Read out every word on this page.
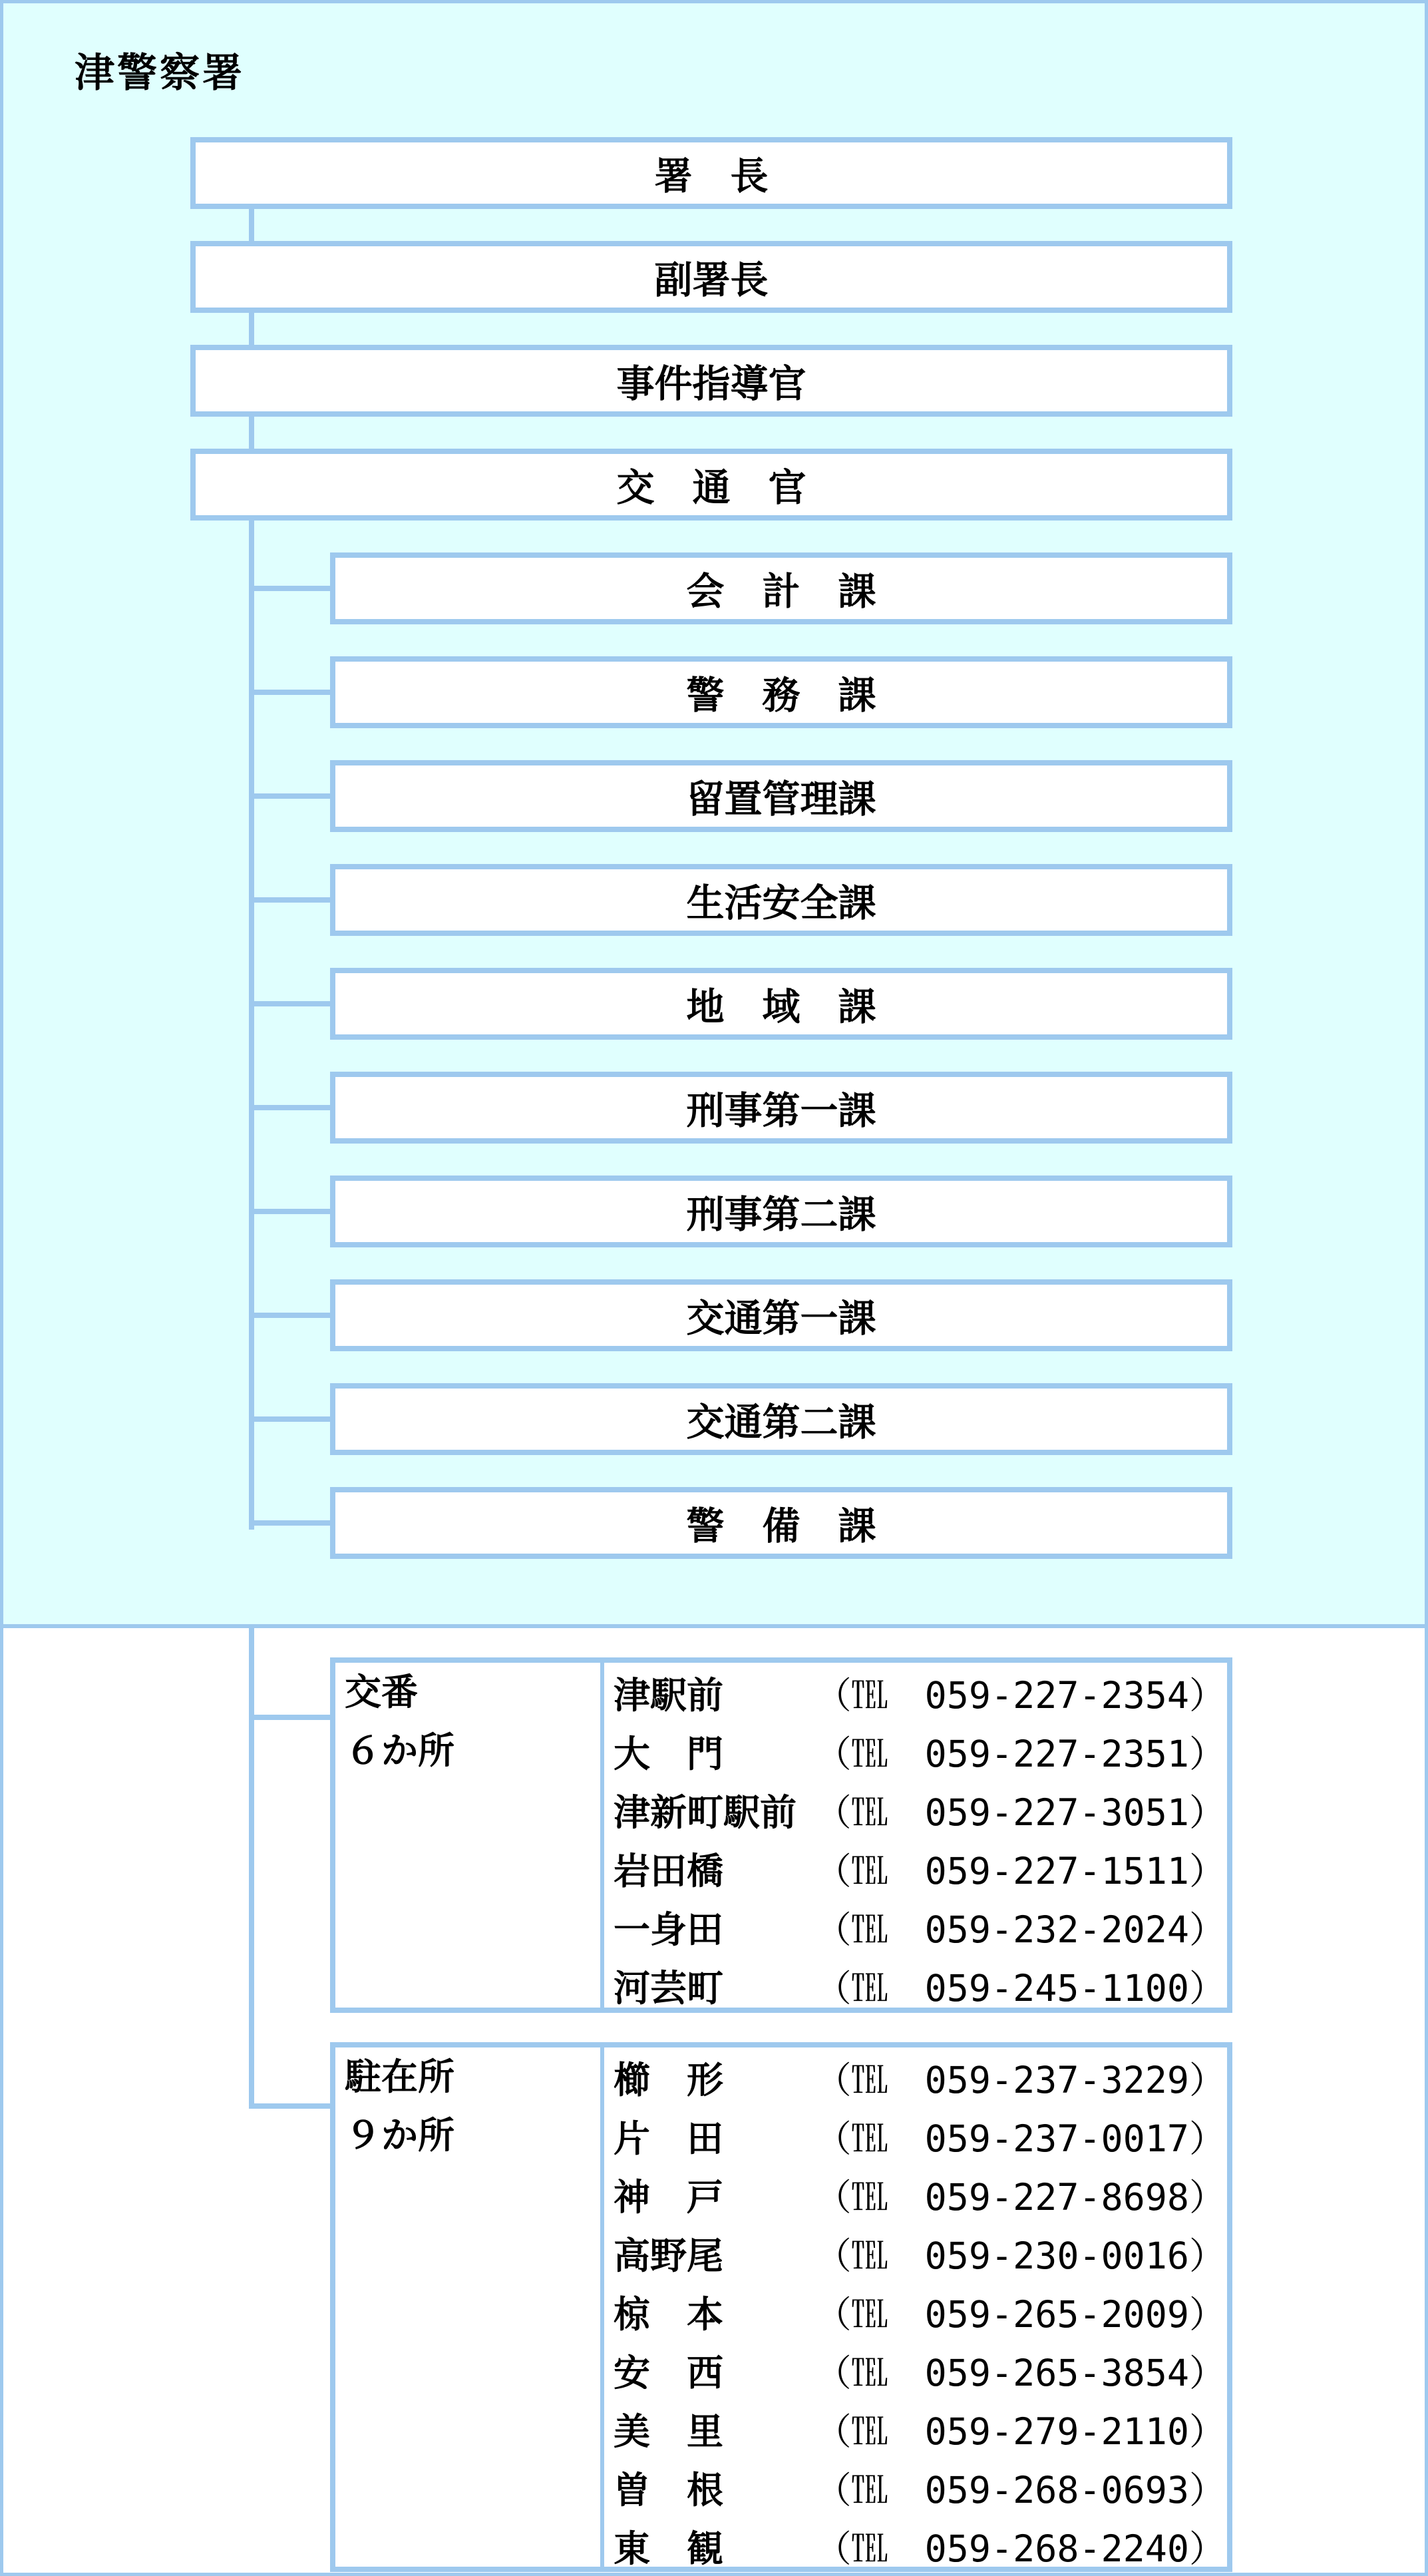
津警察署
署　長
副署長
事件指導官
交　通　官
会　計　課
警　務　課
留置管理課
生活安全課
地　域　課
刑事第一課
刑事第二課
交通第一課
交通第二課
警　備　課
交番
６か所
津駅前	（℡　059-227-2354）
大　門	（℡　059-227-2351）
津新町駅前 （℡　059-227-3051）
岩田橋	（℡　059-227-1511）
一身田	（℡　059-232-2024）
河芸町	（℡　059-245-1100）
駐在所
９か所
櫛　形	（℡　059-237-3229）
片　田	（℡　059-237-0017）
神　戸	（℡　059-227-8698）
高野尾	（℡　059-230-0016）
椋　本	（℡　059-265-2009）
安　西	（℡　059-265-3854）
美　里	（℡　059-279-2110）
曽　根	（℡　059-268-0693）
東　観	（℡　059-268-2240）
